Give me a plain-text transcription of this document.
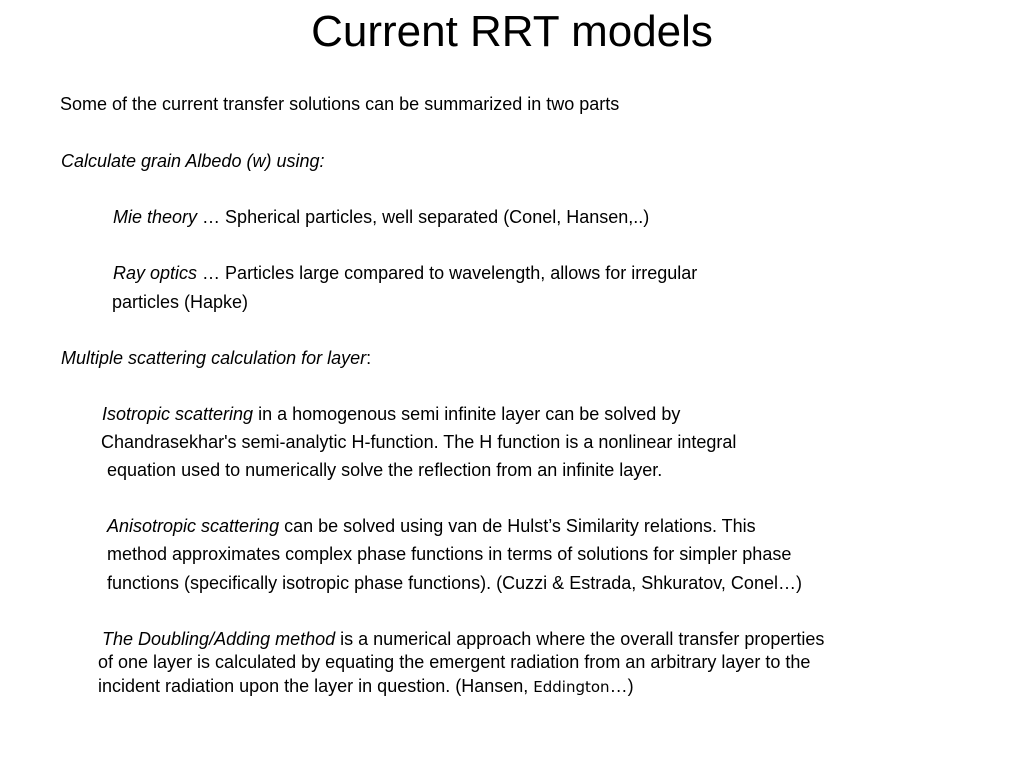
Current RRT models
Some of the current transfer solutions can be summarized in two parts
Calculate grain Albedo (w) using:
Mie theory … Spherical particles, well separated (Conel, Hansen,..)
Ray optics … Particles large compared to wavelength, allows for irregular
particles (Hapke)
Multiple scattering calculation for layer:
Isotropic scattering in a homogenous semi infinite layer can be solved by
Chandrasekhar's semi-analytic H-function. The H function is a nonlinear integral
equation used to numerically solve the reflection from an infinite layer.
Anisotropic scattering can be solved using van de Hulst’s Similarity relations. This
method approximates complex phase functions in terms of solutions for simpler phase
functions (specifically isotropic phase functions). (Cuzzi & Estrada, Shkuratov, Conel…)
The Doubling/Adding method is a numerical approach where the overall transfer properties
of one layer is calculated by equating the emergent radiation from an arbitrary layer to the
incident radiation upon the layer in question. (Hansen, Eddington…)
